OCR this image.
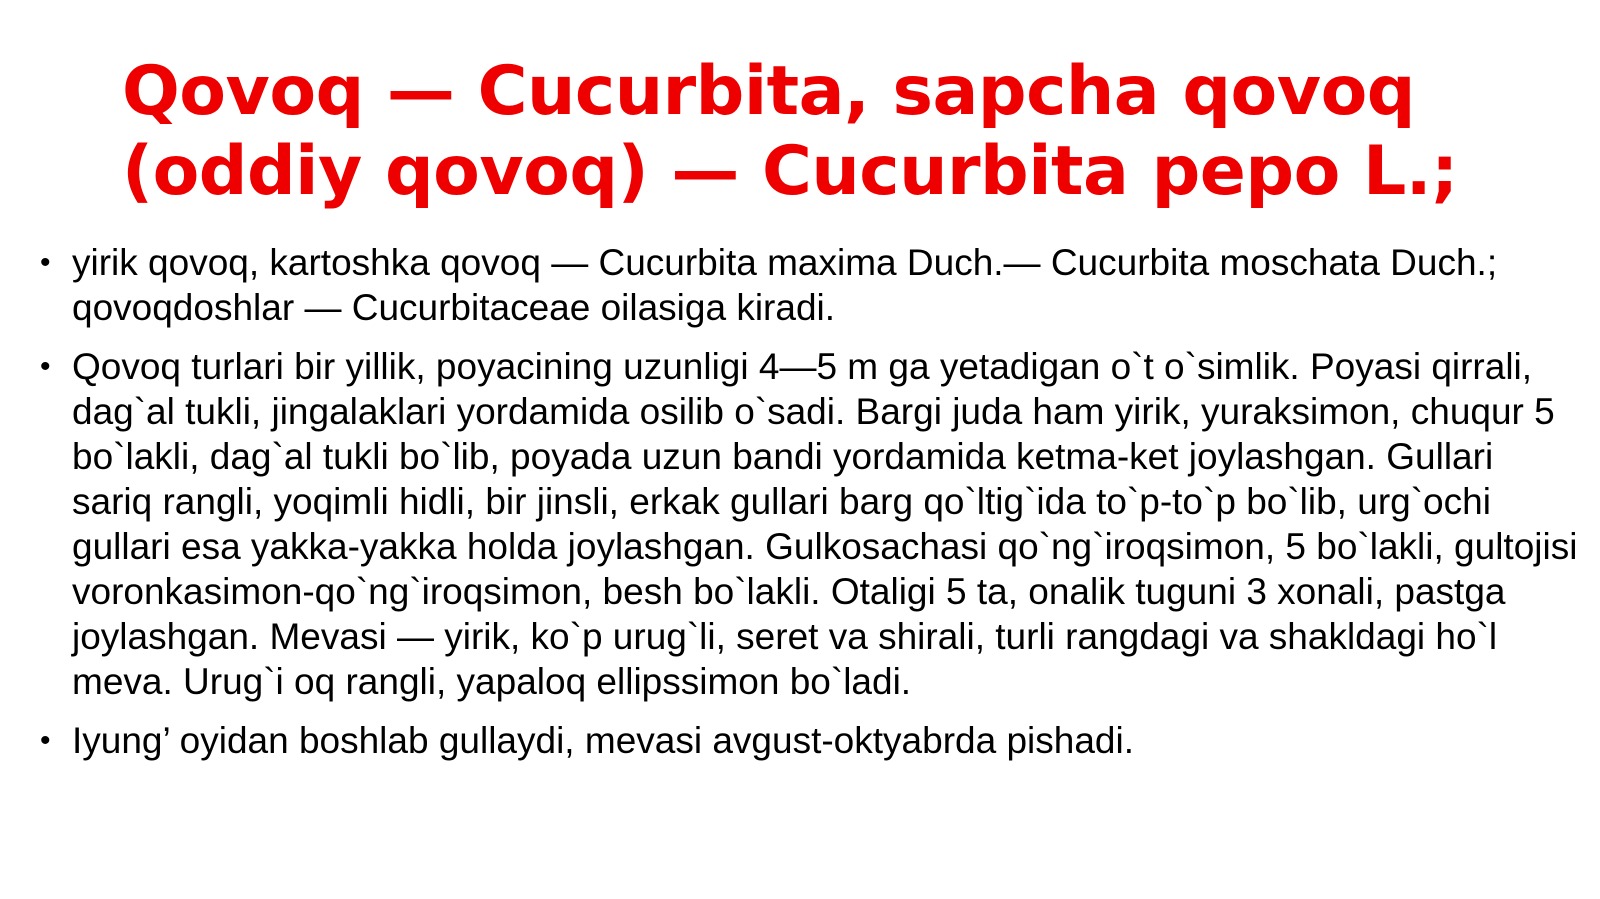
Qovoq — Cucurbita, sapcha qovoq
(oddiy qovoq) — Cucurbita pepo L.;
• yirik qovoq, kartoshka qovoq — Cucurbita maxima Duch.— Cucurbita moschata Duch.; qovoqdoshlar — Cucurbitaceae oilasiga kiradi.
• Qovoq turlari bir yillik, poyacining uzunligi 4—5 m ga yetadigan o`t o`simlik. Poyasi qirrali, dag`al tukli, jingalaklari yordamida osilib o`sadi. Bargi juda ham yirik, yuraksimon, chuqur 5 bo`lakli, dag`al tukli bo`lib, poyada uzun bandi yordamida ketma-ket joylashgan. Gullari sariq rangli, yoqimli hidli, bir jinsli, erkak gullari barg qo`ltig`ida to`p-to`p bo`lib, urg`ochi gullari esa yakka-yakka holda joylashgan. Gulkosachasi qo`ng`iroqsimon, 5 bo`lakli, gultojisi voronkasimon-qo`ng`iroqsimon, besh bo`lakli. Otaligi 5 ta, onalik tuguni 3 xonali, pastga joylashgan. Mevasi — yirik, ko`p urug`li, seret va shirali, turli rangdagi va shakldagi ho`l meva. Urug`i oq rangli, yapaloq ellipssimon bo`ladi.
• Iyung’ oyidan boshlab gullaydi, mevasi avgust-oktyabrda pishadi.
